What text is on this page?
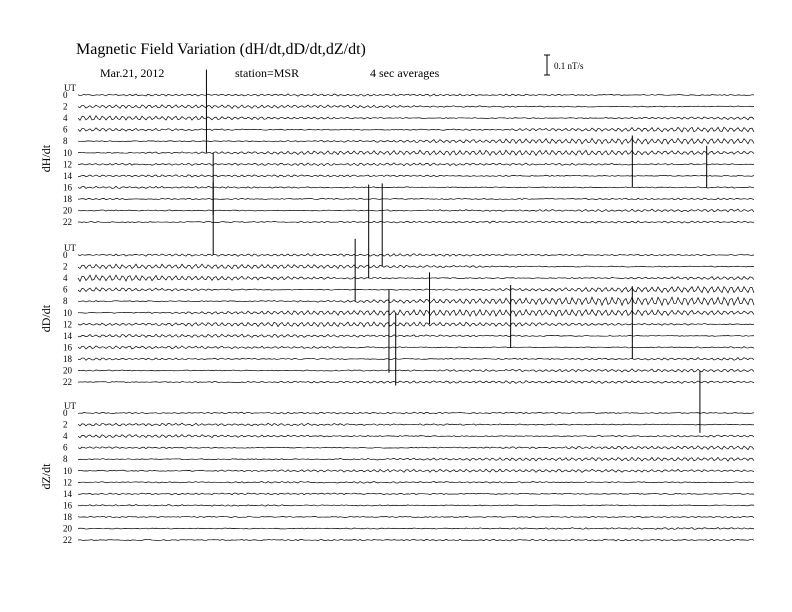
Magnetic Field Variation (dH/dt,dD/dt,dZ/dt)
Mar.21, 2012	station=MSR	4 sec averages	0.1 nT/s
UT
dH/dt
0
2
4
6
8
10
12
14
16
18
20
22
UT
dD/dt
0
2
4
6
8
10
12
14
16
18
20
22
UT
dZ/dt
0
2
4
6
8
10
12
14
16
18
20
22
